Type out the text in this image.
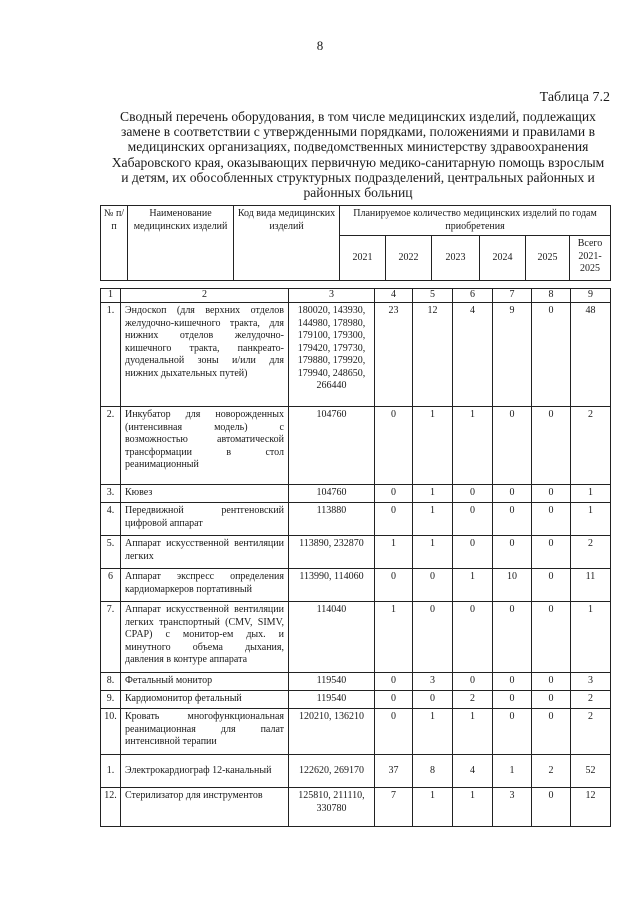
8
Таблица 7.2
Сводный перечень оборудования, в том числе медицинских изделий, подлежащих замене в соответствии с утвержденными порядками, положениями и правилами в медицинских организациях, подведомственных министерству здравоохранения Хабаровского края, оказывающих первичную медико-санитарную помощь взрослым и детям, их обособленных структурных подразделений, центральных районных и районных больниц
№ п/п	Наименование медицинских изделий	Код вида медицинских изделий	Планируемое количество медицинских изделий по годам приобретения					
			2021	2022	2023	2024	2025	Всего 2021-2025
1	2	3	4	5	6	7	8	9
1.	Эндоскоп (для верхних отделов желудочно-кишечного тракта, для нижних отделов желудочно-кишечного тракта, панкреато-дуоденальной зоны и/или для нижних дыхательных путей)	180020, 143930, 144980, 178980, 179100, 179300, 179420, 179730, 179880, 179920, 179940, 248650, 266440	23	12	4	9	0	48
2.	Инкубатор для новорожденных (интенсивная модель) с возможностью автоматической трансформации в стол реанимационный	104760	0	1	1	0	0	2
3.	Кювез	104760	0	1	0	0	0	1
4.	Передвижной рентгеновский цифровой аппарат	113880	0	1	0	0	0	1
5.	Аппарат искусственной вентиляции легких	113890, 232870	1	1	0	0	0	2
6	Аппарат экспресс определения кардиомаркеров портативный	113990, 114060	0	0	1	10	0	11
7.	Аппарат искусственной вентиляции легких транспортный (CMV, SIMV, CPAP) с монитор-ем дых. и минутного объема дыхания, давления в контуре аппарата	114040	1	0	0	0	0	1
8.	Фетальный монитор	119540	0	3	0	0	0	3
9.	Кардиомонитор фетальный	119540	0	0	2	0	0	2
10.	Кровать многофункциональная реанимационная для палат интенсивной терапии	120210, 136210	0	1	1	0	0	2
1.	Электрокардиограф 12-канальный	122620, 269170	37	8	4	1	2	52
12.	Стерилизатор для инструментов	125810, 211110, 330780	7	1	1	3	0	12
